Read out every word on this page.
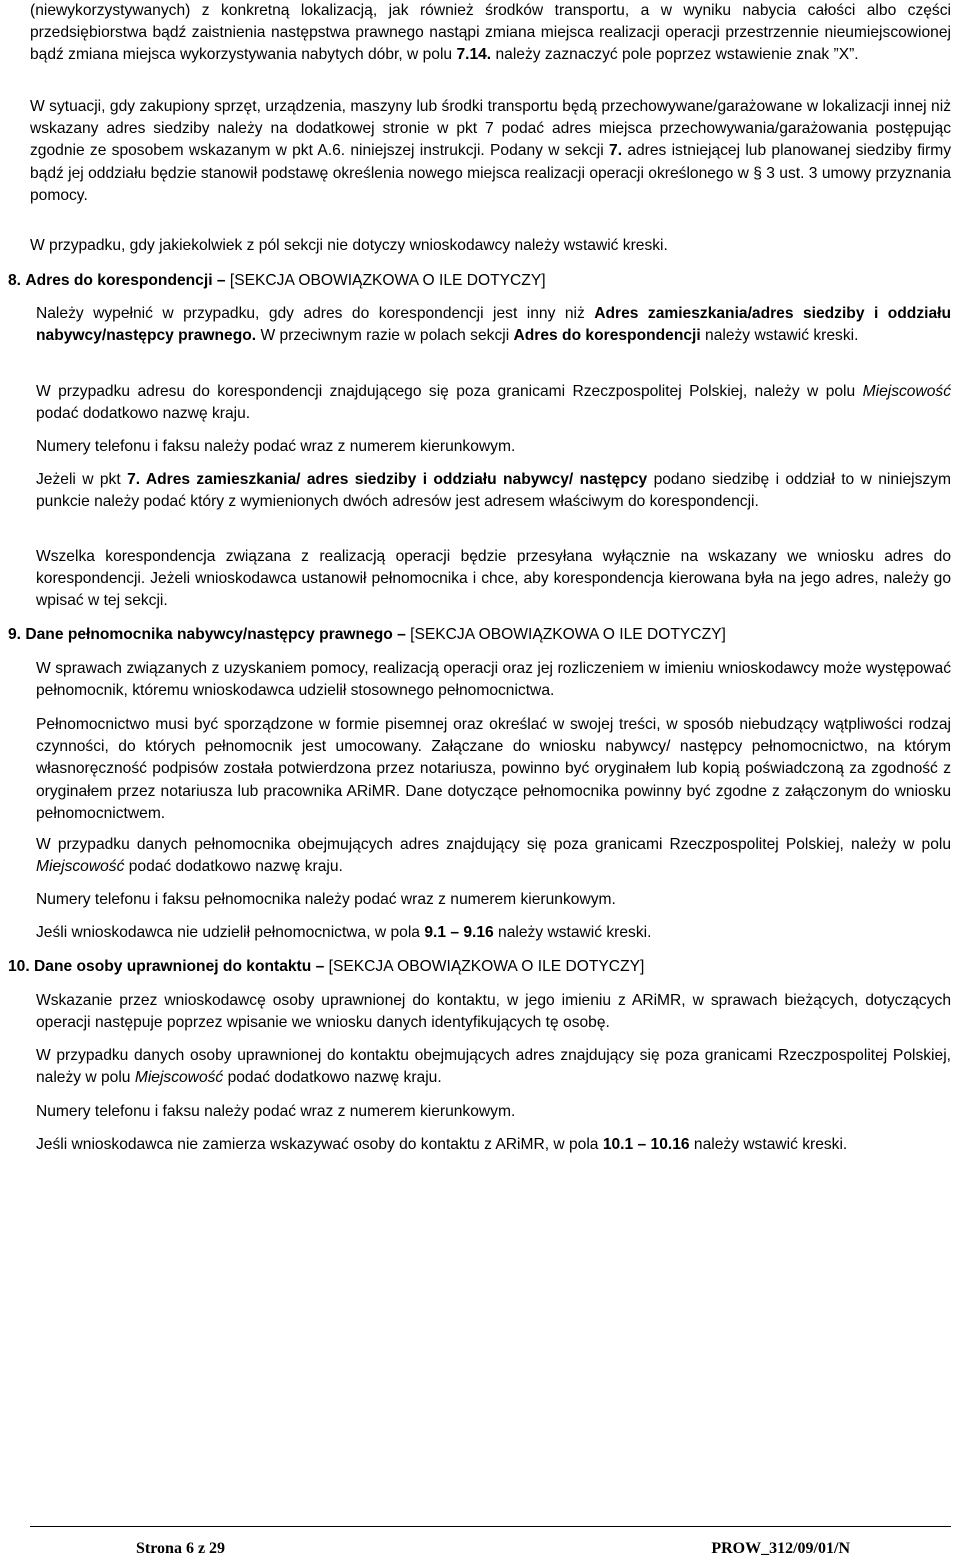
(niewykorzystywanych) z konkretną lokalizacją, jak również środków transportu, a w wyniku nabycia całości albo części przedsiębiorstwa bądź zaistnienia następstwa prawnego nastąpi zmiana miejsca realizacji operacji przestrzennie nieumiejscowionej bądź zmiana miejsca wykorzystywania nabytych dóbr, w polu 7.14. należy zaznaczyć pole poprzez wstawienie znak ”X”.

W sytuacji, gdy zakupiony sprzęt, urządzenia, maszyny lub środki transportu będą przechowywane/garażowane w lokalizacji innej niż wskazany adres siedziby należy na dodatkowej stronie w pkt 7 podać adres miejsca przechowywania/garażowania postępując zgodnie ze sposobem wskazanym w pkt A.6. niniejszej instrukcji. Podany w sekcji 7. adres istniejącej lub planowanej siedziby firmy bądź jej oddziału będzie stanowił podstawę określenia nowego miejsca realizacji operacji określonego w § 3 ust. 3 umowy przyznania pomocy.

W przypadku, gdy jakiekolwiek z pól sekcji nie dotyczy wnioskodawcy należy wstawić kreski.

8. Adres do korespondencji – [SEKCJA OBOWIĄZKOWA O ILE DOTYCZY]

Należy wypełnić w przypadku, gdy adres do korespondencji jest inny niż Adres zamieszkania/adres siedziby i oddziału nabywcy/następcy prawnego. W przeciwnym razie w polach sekcji Adres do korespondencji należy wstawić kreski.

W przypadku adresu do korespondencji znajdującego się poza granicami Rzeczpospolitej Polskiej, należy w polu Miejscowość podać dodatkowo nazwę kraju.

Numery telefonu i faksu należy podać wraz z numerem kierunkowym.

Jeżeli w pkt 7. Adres zamieszkania/ adres siedziby i oddziału nabywcy/ następcy podano siedzibę i oddział to w niniejszym punkcie należy podać który z wymienionych dwóch adresów jest adresem właściwym do korespondencji.

Wszelka korespondencja związana z realizacją operacji będzie przesyłana wyłącznie na wskazany we wniosku adres do korespondencji. Jeżeli wnioskodawca ustanowił pełnomocnika i chce, aby korespondencja kierowana była na jego adres, należy go wpisać w tej sekcji.

9. Dane pełnomocnika nabywcy/następcy prawnego – [SEKCJA OBOWIĄZKOWA O ILE DOTYCZY]

W sprawach związanych z uzyskaniem pomocy, realizacją operacji oraz jej rozliczeniem w imieniu wnioskodawcy może występować pełnomocnik, któremu wnioskodawca udzielił stosownego pełnomocnictwa.

Pełnomocnictwo musi być sporządzone w formie pisemnej oraz określać w swojej treści, w sposób niebudzący wątpliwości rodzaj czynności, do których pełnomocnik jest umocowany. Załączane do wniosku nabywcy/ następcy pełnomocnictwo, na którym własnoręczność podpisów została potwierdzona przez notariusza, powinno być oryginałem lub kopią poświadczoną za zgodność z oryginałem przez notariusza lub pracownika ARiMR. Dane dotyczące pełnomocnika powinny być zgodne z załączonym do wniosku pełnomocnictwem.

W przypadku danych pełnomocnika obejmujących adres znajdujący się poza granicami Rzeczpospolitej Polskiej, należy w polu Miejscowość podać dodatkowo nazwę kraju.

Numery telefonu i faksu pełnomocnika należy podać wraz z numerem kierunkowym.

Jeśli wnioskodawca nie udzielił pełnomocnictwa, w pola 9.1 – 9.16 należy wstawić kreski.

10. Dane osoby uprawnionej do kontaktu – [SEKCJA OBOWIĄZKOWA O ILE DOTYCZY]

Wskazanie przez wnioskodawcę osoby uprawnionej do kontaktu, w jego imieniu z ARiMR, w sprawach bieżących, dotyczących operacji następuje poprzez wpisanie we wniosku danych identyfikujących tę osobę.

W przypadku danych osoby uprawnionej do kontaktu obejmujących adres znajdujący się poza granicami Rzeczpospolitej Polskiej, należy w polu Miejscowość podać dodatkowo nazwę kraju.

Numery telefonu i faksu należy podać wraz z numerem kierunkowym.

Jeśli wnioskodawca nie zamierza wskazywać osoby do kontaktu z ARiMR, w pola 10.1 – 10.16 należy wstawić kreski.

Strona 6 z 29	PROW_312/09/01/N
